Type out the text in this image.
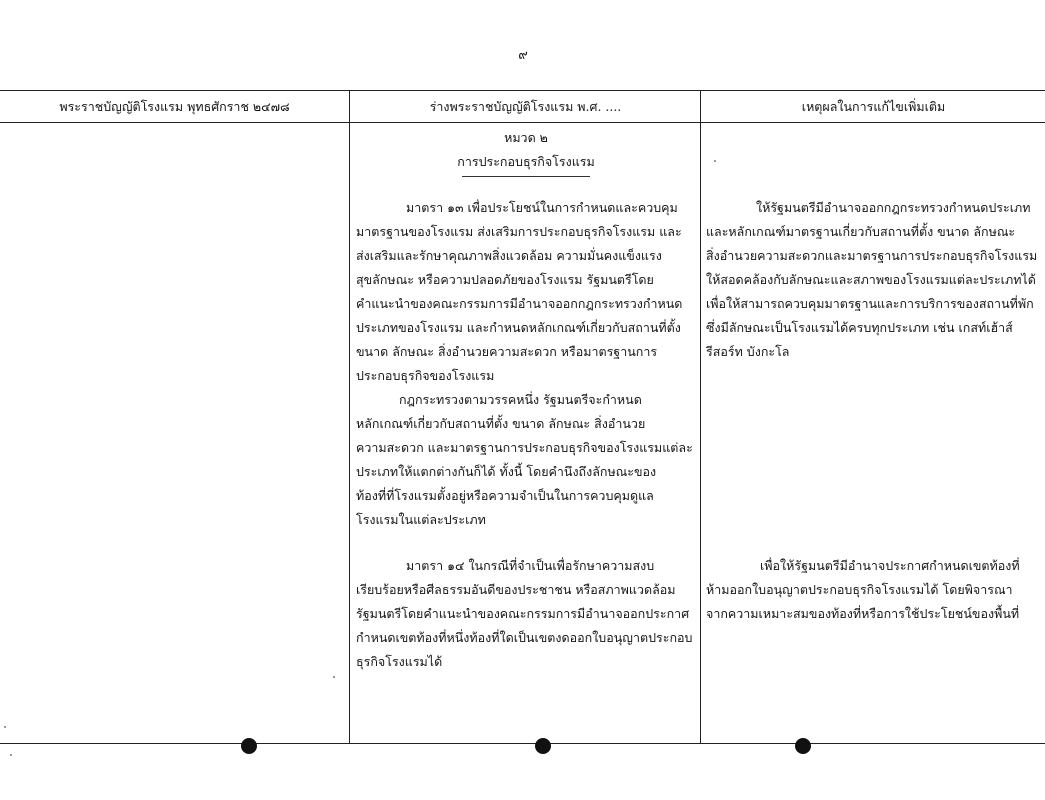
๙
พระราชบัญญัติโรงแรม พุทธศักราช ๒๔๗๘	ร่างพระราชบัญญัติโรงแรม พ.ศ. ....	เหตุผลในการแก้ไขเพิ่มเติม
หมวด ๒
การประกอบธุรกิจโรงแรม
มาตรา ๑๓ เพื่อประโยชน์ในการกำหนดและควบคุม
มาตรฐานของโรงแรม ส่งเสริมการประกอบธุรกิจโรงแรม และ
ส่งเสริมและรักษาคุณภาพสิ่งแวดล้อม ความมั่นคงแข็งแรง
สุขลักษณะ หรือความปลอดภัยของโรงแรม รัฐมนตรีโดย
คำแนะนำของคณะกรรมการมีอำนาจออกกฎกระทรวงกำหนด
ประเภทของโรงแรม และกำหนดหลักเกณฑ์เกี่ยวกับสถานที่ตั้ง
ขนาด ลักษณะ สิ่งอำนวยความสะดวก หรือมาตรฐานการ
ประกอบธุรกิจของโรงแรม
กฎกระทรวงตามวรรคหนึ่ง รัฐมนตรีจะกำหนด
หลักเกณฑ์เกี่ยวกับสถานที่ตั้ง ขนาด ลักษณะ สิ่งอำนวย
ความสะดวก และมาตรฐานการประกอบธุรกิจของโรงแรมแต่ละ
ประเภทให้แตกต่างกันก็ได้ ทั้งนี้ โดยคำนึงถึงลักษณะของ
ท้องที่ที่โรงแรมตั้งอยู่หรือความจำเป็นในการควบคุมดูแล
โรงแรมในแต่ละประเภท
มาตรา ๑๔ ในกรณีที่จำเป็นเพื่อรักษาความสงบ
เรียบร้อยหรือศีลธรรมอันดีของประชาชน หรือสภาพแวดล้อม
รัฐมนตรีโดยคำแนะนำของคณะกรรมการมีอำนาจออกประกาศ
กำหนดเขตท้องที่หนึ่งท้องที่ใดเป็นเขตงดออกใบอนุญาตประกอบ
ธุรกิจโรงแรมได้
ให้รัฐมนตรีมีอำนาจออกกฎกระทรวงกำหนดประเภท
และหลักเกณฑ์มาตรฐานเกี่ยวกับสถานที่ตั้ง ขนาด ลักษณะ
สิ่งอำนวยความสะดวกและมาตรฐานการประกอบธุรกิจโรงแรม
ให้สอดคล้องกับลักษณะและสภาพของโรงแรมแต่ละประเภทได้
เพื่อให้สามารถควบคุมมาตรฐานและการบริการของสถานที่พัก
ซึ่งมีลักษณะเป็นโรงแรมได้ครบทุกประเภท เช่น เกสท์เฮ้าส์
รีสอร์ท บังกะโล
เพื่อให้รัฐมนตรีมีอำนาจประกาศกำหนดเขตท้องที่
ห้ามออกใบอนุญาตประกอบธุรกิจโรงแรมได้ โดยพิจารณา
จากความเหมาะสมของท้องที่หรือการใช้ประโยชน์ของพื้นที่
